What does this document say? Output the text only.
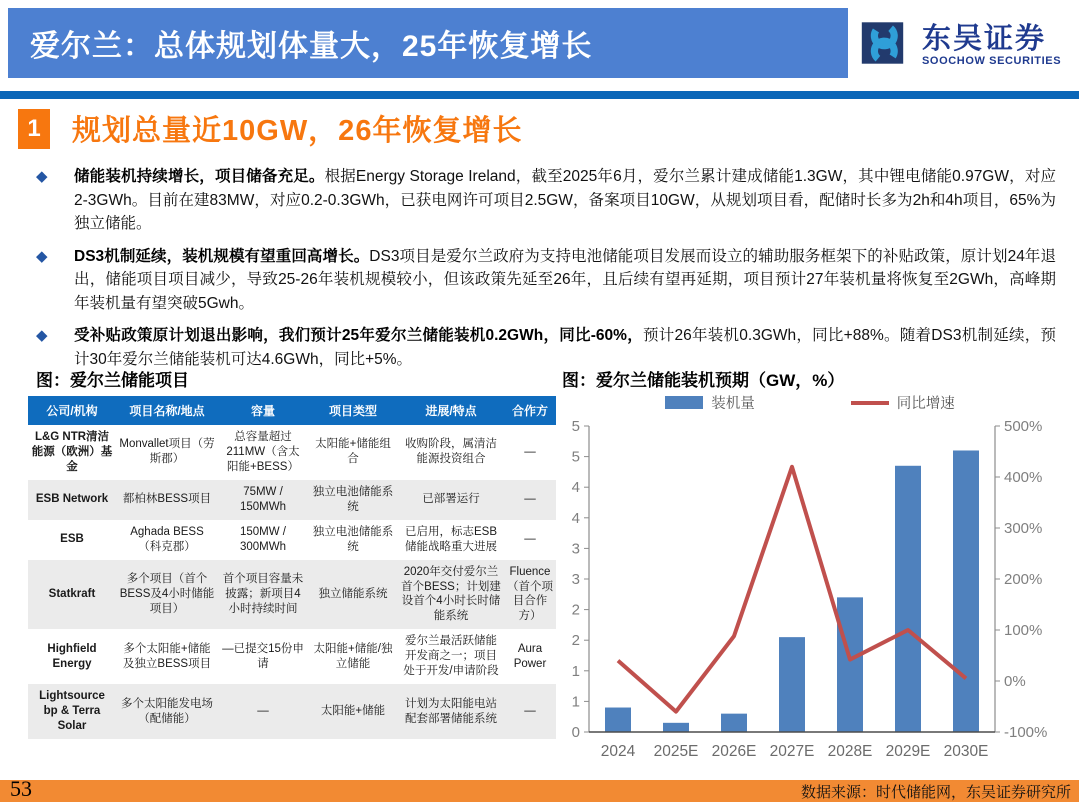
爱尔兰：总体规划体量大，25年恢复增长	东吴证券
SOOCHOW SECURITIES
1	规划总量近10GW，26年恢复增长
◆	储能装机持续增长，项目储备充足。根据Energy Storage Ireland，截至2025年6月，爱尔兰累计建成储能1.3GW，其中锂电储能0.97GW，对应2-3GWh。目前在建83MW，对应0.2-0.3GWh，已获电网许可项目2.5GW，备案项目10GW，从规划项目看，配储时长多为2h和4h项目，65%为独立储能。
◆	DS3机制延续，装机规模有望重回高增长。DS3项目是爱尔兰政府为支持电池储能项目发展而设立的辅助服务框架下的补贴政策，原计划24年退出，储能项目项目减少，导致25-26年装机规模较小，但该政策先延至26年，且后续有望再延期，项目预计27年装机量将恢复至2GWh，高峰期年装机量有望突破5Gwh。
◆	受补贴政策原计划退出影响，我们预计25年爱尔兰储能装机0.2GWh，同比-60%，预计26年装机0.3GWh，同比+88%。随着DS3机制延续，预计30年爱尔兰储能装机可达4.6GWh，同比+5%。
图：爱尔兰储能项目
公司/机构	项目名称/地点	容量	项目类型	进展/特点	合作方
L&G NTR清洁能源（欧洲）基金	Monvallet项目（劳斯郡）	总容量超过211MW（含太阳能+BESS）	太阳能+储能组合	收购阶段，属清洁能源投资组合	—
ESB Network	都柏林BESS项目	75MW / 150MWh	独立电池储能系统	已部署运行	—
ESB	Aghada BESS（科克郡）	150MW / 300MWh	独立电池储能系统	已启用，标志ESB储能战略重大进展	—
Statkraft	多个项目（首个BESS及4小时储能项目）	首个项目容量未披露；新项目4小时持续时间	独立储能系统	2020年交付爱尔兰首个BESS；计划建设首个4小时长时储能系统	Fluence（首个项目合作方）
Highfield Energy	多个太阳能+储能及独立BESS项目	—已提交15份申请	太阳能+储能/独立储能	爱尔兰最活跃储能开发商之一；项目处于开发/申请阶段	Aura Power
Lightsource bp & Terra Solar	多个太阳能发电场（配储能）	—	太阳能+储能	计划为太阳能电站配套部署储能系统	—
图：爱尔兰储能装机预期（GW，%）
装机量	同比增速
0
1
1
2
2
3
3
4
4
5
5
-100%
0%
100%
200%
300%
400%
500%
2024 2025E 2026E 2027E 2028E 2029E 2030E
53	数据来源：时代储能网，东吴证券研究所
